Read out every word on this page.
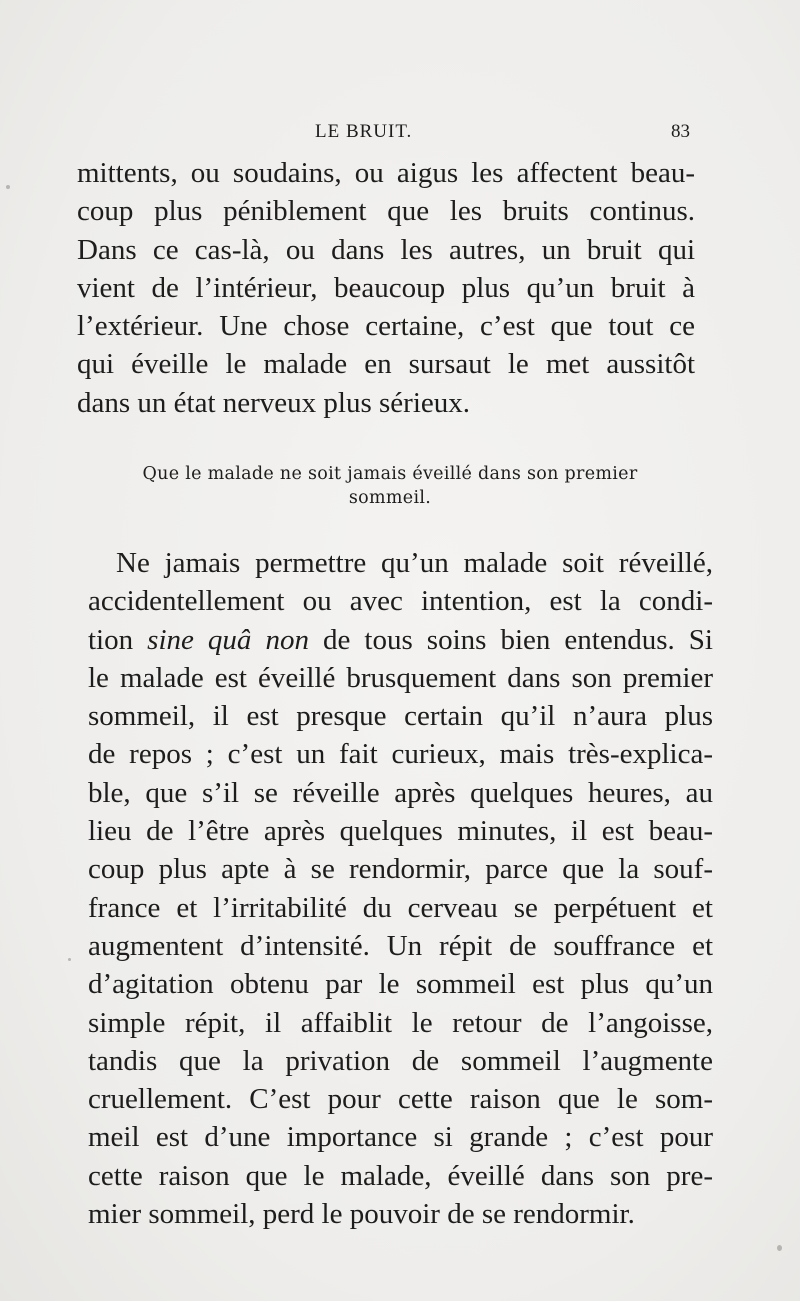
LE BRUIT.	83
mittents, ou soudains, ou aigus les affectent beau-
coup plus péniblement que les bruits continus.
Dans ce cas-là, ou dans les autres, un bruit qui
vient de l’intérieur, beaucoup plus qu’un bruit à
l’extérieur. Une chose certaine, c’est que tout ce
qui éveille le malade en sursaut le met aussitôt
dans un état nerveux plus sérieux.
Que le malade ne soit jamais éveillé dans son premier
sommeil.
Ne jamais permettre qu’un malade soit réveillé,
accidentellement ou avec intention, est la condi-
tion sine quâ non de tous soins bien entendus. Si
le malade est éveillé brusquement dans son premier
sommeil, il est presque certain qu’il n’aura plus
de repos ; c’est un fait curieux, mais très-explica-
ble, que s’il se réveille après quelques heures, au
lieu de l’être après quelques minutes, il est beau-
coup plus apte à se rendormir, parce que la souf-
france et l’irritabilité du cerveau se perpétuent et
augmentent d’intensité. Un répit de souffrance et
d’agitation obtenu par le sommeil est plus qu’un
simple répit, il affaiblit le retour de l’angoisse,
tandis que la privation de sommeil l’augmente
cruellement. C’est pour cette raison que le som-
meil est d’une importance si grande ; c’est pour
cette raison que le malade, éveillé dans son pre-
mier sommeil, perd le pouvoir de se rendormir.
